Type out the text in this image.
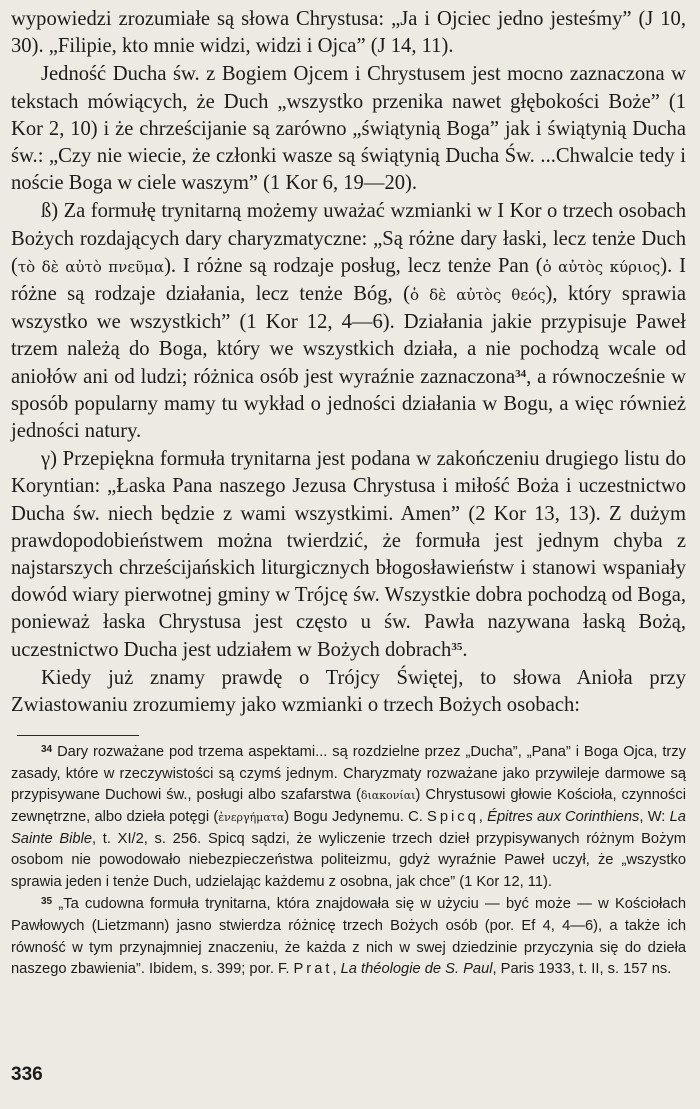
wypowiedzi zrozumiałe są słowa Chrystusa: „Ja i Ojciec jedno jesteśmy” (J 10, 30). „Filipie, kto mnie widzi, widzi i Ojca” (J 14, 11).

Jedność Ducha św. z Bogiem Ojcem i Chrystusem jest mocno zaznaczona w tekstach mówiących, że Duch „wszystko przenika nawet głębokości Boże” (1 Kor 2, 10) i że chrześcijanie są zarówno „świątynią Boga” jak i świątynią Ducha św.: „Czy nie wiecie, że członki wasze są świątynią Ducha Św. ...Chwalcie tedy i noście Boga w ciele waszym” (1 Kor 6, 19—20).

ß) Za formułę trynitarną możemy uważać wzmianki w I Kor o trzech osobach Bożych rozdających dary charyzmatyczne: „Są różne dary łaski, lecz tenże Duch (τὸ δὲ αὐτὸ πνεῦμα). I różne są rodzaje posług, lecz tenże Pan (ὁ αὐτὸς κύριος). I różne są rodzaje działania, lecz tenże Bóg, (ὁ δὲ αὐτὸς θεός), który sprawia wszystko we wszystkich” (1 Kor 12, 4—6). Działania jakie przypisuje Paweł trzem należą do Boga, który we wszystkich działa, a nie pochodzą wcale od aniołów ani od ludzi; różnica osób jest wyraźnie zaznaczona$^{34}$, a równocześnie w sposób popularny mamy tu wykład o jedności działania w Bogu, a więc również jedności natury.

γ) Przepiękna formuła trynitarna jest podana w zakończeniu drugiego listu do Koryntian: „Łaska Pana naszego Jezusa Chrystusa i miłość Boża i uczestnictwo Ducha św. niech będzie z wami wszystkimi. Amen” (2 Kor 13, 13). Z dużym prawdopodobieństwem można twierdzić, że formuła jest jednym chyba z najstarszych chrześcijańskich liturgicznych błogosławieństw i stanowi wspaniały dowód wiary pierwotnej gminy w Trójcę św. Wszystkie dobra pochodzą od Boga, ponieważ łaska Chrystusa jest często u św. Pawła nazywana łaską Bożą, uczestnictwo Ducha jest udziałem w Bożych dobrach$^{35}$.

Kiedy już znamy prawdę o Trójcy Świętej, to słowa Anioła przy Zwiastowaniu zrozumiemy jako wzmianki o trzech Bożych osobach:

$^{34}$ Dary rozważane pod trzema aspektami... są rozdzielne przez „Ducha”, „Pana” i Boga Ojca, trzy zasady, które w rzeczywistości są czymś jednym. Charyzmaty rozważane jako przywileje darmowe są przypisywane Duchowi św., posługi albo szafarstwa (διακονίαι) Chrystusowi głowie Kościoła, czynności zewnętrzne, albo dzieła potęgi (ἐνεργήματα) Bogu Jedynemu. C. Spicq, Épitres aux Corinthiens, W: La Sainte Bible, t. XI/2, s. 256. Spicq sądzi, że wyliczenie trzech dzieł przypisywanych różnym Bożym osobom nie powodowało niebezpieczeństwa politeizmu, gdyż wyraźnie Paweł uczył, że „wszystko sprawia jeden i tenże Duch, udzielając każdemu z osobna, jak chce” (1 Kor 12, 11).

$^{35}$ „Ta cudowna formuła trynitarna, która znajdowała się w użyciu — być może — w Kościołach Pawłowych (Lietzmann) jasno stwierdza różnicę trzech Bożych osób (por. Ef 4, 4—6), a także ich równość w tym przynajmniej znaczeniu, że każda z nich w swej dziedzinie przyczynia się do dzieła naszego zbawienia”. Ibidem, s. 399; por. F. Prat, La théologie de S. Paul, Paris 1933, t. II, s. 157 ns.

336
